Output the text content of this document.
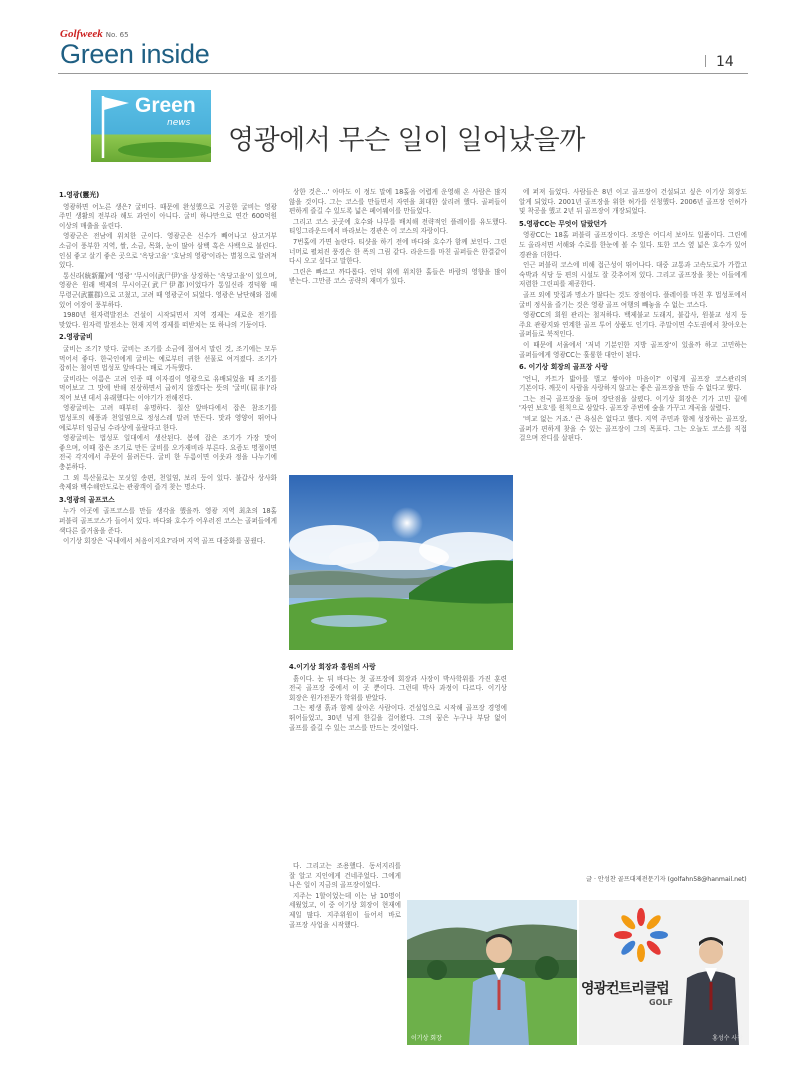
Golfweek No. 65
Green inside	14
Green
news
영광에서 무슨 일이 일어났을까
1.영광(靈光)

영광하면 어노른 생은? 굴비다. 때문에 완성했으로 거공한 굴비는 영광 주민 생활의 전부라 해도 과언이 아니다. 굴비 하나만으로 연간 600억원 이상의 매출을 올린다.

영광군은 전남에 위치한 군이다. 영광군은 신수가 빼어나고 삼고거부 소금이 풍부한 지역, 쌀, 소금, 목화, 눈이 많아 삼백 혹은 사백으로 불린다. 인심 좋고 살기 좋은 곳으로 '옥당고을' '호남의 영광'이라는 별칭으로 알려져 있다.

통신라(統新羅)에 '영광' '무시이(武尸伊)'을 상징하는 '옥당고을'이 있으며, 영광은 원래 백제의 무시이군(武尸伊郡)이었다가 통일신라 경덕왕 때 무령군(武靈郡)으로 고쳤고, 고려 때 영광군이 되었다. 영광은 남단해와 접해 있어 어장이 풍부하다.

1980년 원자력발전소 건설이 시작되면서 지역 경제는 새로운 전기를 맞았다. 원자력 발전소는 현재 지역 경제를 떠받치는 또 하나의 기둥이다.

2.영광굴비

굴비는 조기? 맞다. 굴비는 조기를 소금에 절여서 말린 것, 조기에는 모두 먹어서 좋다. 한국인에게 굴비는 예로부터 귀한 선물로 여겨졌다. 조기가 잡히는 철이면 법성포 앞바다는 배로 가득했다.

굴비라는 이름은 고려 인종 때 이자겸이 영광으로 유배되었을 때 조기를 먹어보고 그 맛에 반해 진상하면서 굽히지 않겠다는 뜻의 '굴비(屈非)'라 적어 보낸 데서 유래했다는 이야기가 전해진다.

영광굴비는 고려 때부터 유명하다. 칠산 앞바다에서 잡은 참조기를 법성포의 해풍과 천일염으로 정성스레 말려 만든다. 맛과 영양이 뛰어나 예로부터 임금님 수라상에 올랐다고 한다.

영광굴비는 법성포 일대에서 생산된다. 봄에 잡은 조기가 가장 맛이 좋으며, 이때 잡은 조기로 만든 굴비를 오가재비라 부른다. 요즘도 명절이면 전국 각지에서 주문이 몰려든다. 굴비 한 두름이면 이웃과 정을 나누기에 충분하다.

그 외 특산물로는 모싯잎 송편, 천일염, 보리 등이 있다. 불갑사 상사화 축제와 백수해안도로는 관광객이 즐겨 찾는 명소다.

3.영광의 골프코스

누가 이곳에 골프코스를 만들 생각을 했을까. 영광 지역 최초의 18홀 퍼블릭 골프코스가 들어서 있다. 바다와 호수가 어우러진 코스는 골퍼들에게 색다른 즐거움을 준다.

이기상 회장은 '국내에서 처음이지요?'라며 지역 골프 대중화를 꿈꿨다.

상한 것은...' 아마도 이 정도 말에 18홀을 어렵게 운영해 온 사람은 많지 않을 것이다. 그는 코스를 만들면서 자연을 최대한 살리려 했다. 골퍼들이 편하게 즐길 수 있도록 넓은 페어웨이를 만들었다.

그리고 코스 곳곳에 호수와 나무를 배치해 전략적인 플레이를 유도했다. 티잉그라운드에서 바라보는 경관은 이 코스의 자랑이다.

7번홀에 가면 놀란다. 티샷을 하기 전에 바다와 호수가 함께 보인다. 그린 너머로 펼쳐진 풍경은 한 폭의 그림 같다. 라운드를 마친 골퍼들은 한결같이 다시 오고 싶다고 말한다.

그린은 빠르고 까다롭다. 언덕 위에 위치한 홀들은 바람의 영향을 많이 받는다. 그만큼 코스 공략의 재미가 있다.

4.이기상 회장과 흥원의 사랑

흙이다. 눈 뒤 바다는 첫 골프장에 회장과 사장이 박사학위를 가진 훈련 전국 골프장 중에서 이 곳 뿐이다. 그런데 박사 과정이 다르다. 이기상 회장은 원가전문가 학위를 받았다.

그는 평생 흙과 함께 살아온 사람이다. 건설업으로 시작해 골프장 경영에 뛰어들었고, 30년 넘게 한길을 걸어왔다. 그의 꿈은 누구나 부담 없이 골프를 즐길 수 있는 코스를 만드는 것이었다.

다. 그리고는 조용했다. 동서지리를 잘 알고 지인에게 건네주었다. 그에게 나은 일이 지금의 골프장이었다.

지주는 1할이었는데 이는 남 10명이 세웠었고, 이 중 이기상 회장이 현재에 제일 많다. 지주위원이 들어서 바로 골프장 사업을 시작했다.

에 퍼져 들었다. 사람들은 8년 이고 골프장이 건설되고 싶은 이기상 회장도 알게 되었다. 2001년 골프장을 위한 허가를 신청했다. 2006년 골프장 인허가 및 착공을 했고 2년 뒤 골프장이 개장되었다.

5.영광CC는 무엇이 달랐던가

영광CC는 18홀 퍼블릭 골프장이다. 조망은 어디서 보아도 일품이다. 그린에 도 올라서면 서해와 수로를 한눈에 볼 수 있다. 또한 코스 옆 넓은 호수가 있어 경관을 더한다.

인근 퍼블릭 코스에 비해 접근성이 뛰어나다. 대중 교통과 고속도로가 가깝고 숙박과 식당 등 편의 시설도 잘 갖추어져 있다. 그리고 골프장을 찾는 이들에게 저렴한 그린피를 제공한다.

골프 외에 맛집과 명소가 많다는 것도 장점이다. 플레이를 마친 후 법성포에서 굴비 정식을 즐기는 것은 영광 골프 여행의 빼놓을 수 없는 코스다.

영광CC의 회원 관리는 철저하다. 백제불교 도래지, 불갑사, 원불교 성지 등 주요 관광지와 연계한 골프 투어 상품도 인기다. 주말이면 수도권에서 찾아오는 골퍼들로 북적인다.

이 때문에 서울에서 '저녁 기분인한 지방 골프장'이 있을까 하고 고민하는 골퍼들에게 영광CC는 훌륭한 대안이 된다.

6. 이기상 회장의 골프장 사랑

'언니, 카트가 밟아를 벌고 쌓아야 마음이?' 이렇게 골프장 코스관리의 기본이다. 깨끗이 사람을 사랑하지 않고는 좋은 골프장을 만들 수 없다고 했다.

그는 전국 골프장을 돌며 장단점을 살폈다. 이기상 회장은 기가 고민 끝에 '자연 보호'를 원칙으로 삼았다. 골프장 주변에 숲을 가꾸고 계곡을 살렸다.

'비교 없는 거죠.' 큰 욕심은 없다고 했다. 지역 주민과 함께 성장하는 골프장, 골퍼가 편하게 찾을 수 있는 골프장이 그의 목표다. 그는 오늘도 코스를 직접 걸으며 잔디를 살핀다.

글 · 안성찬 골프대제전문기자 (golfahn58@hanmail.net)
이기상 회장
영광컨트리클럽
GOLF
홍성수 사장
